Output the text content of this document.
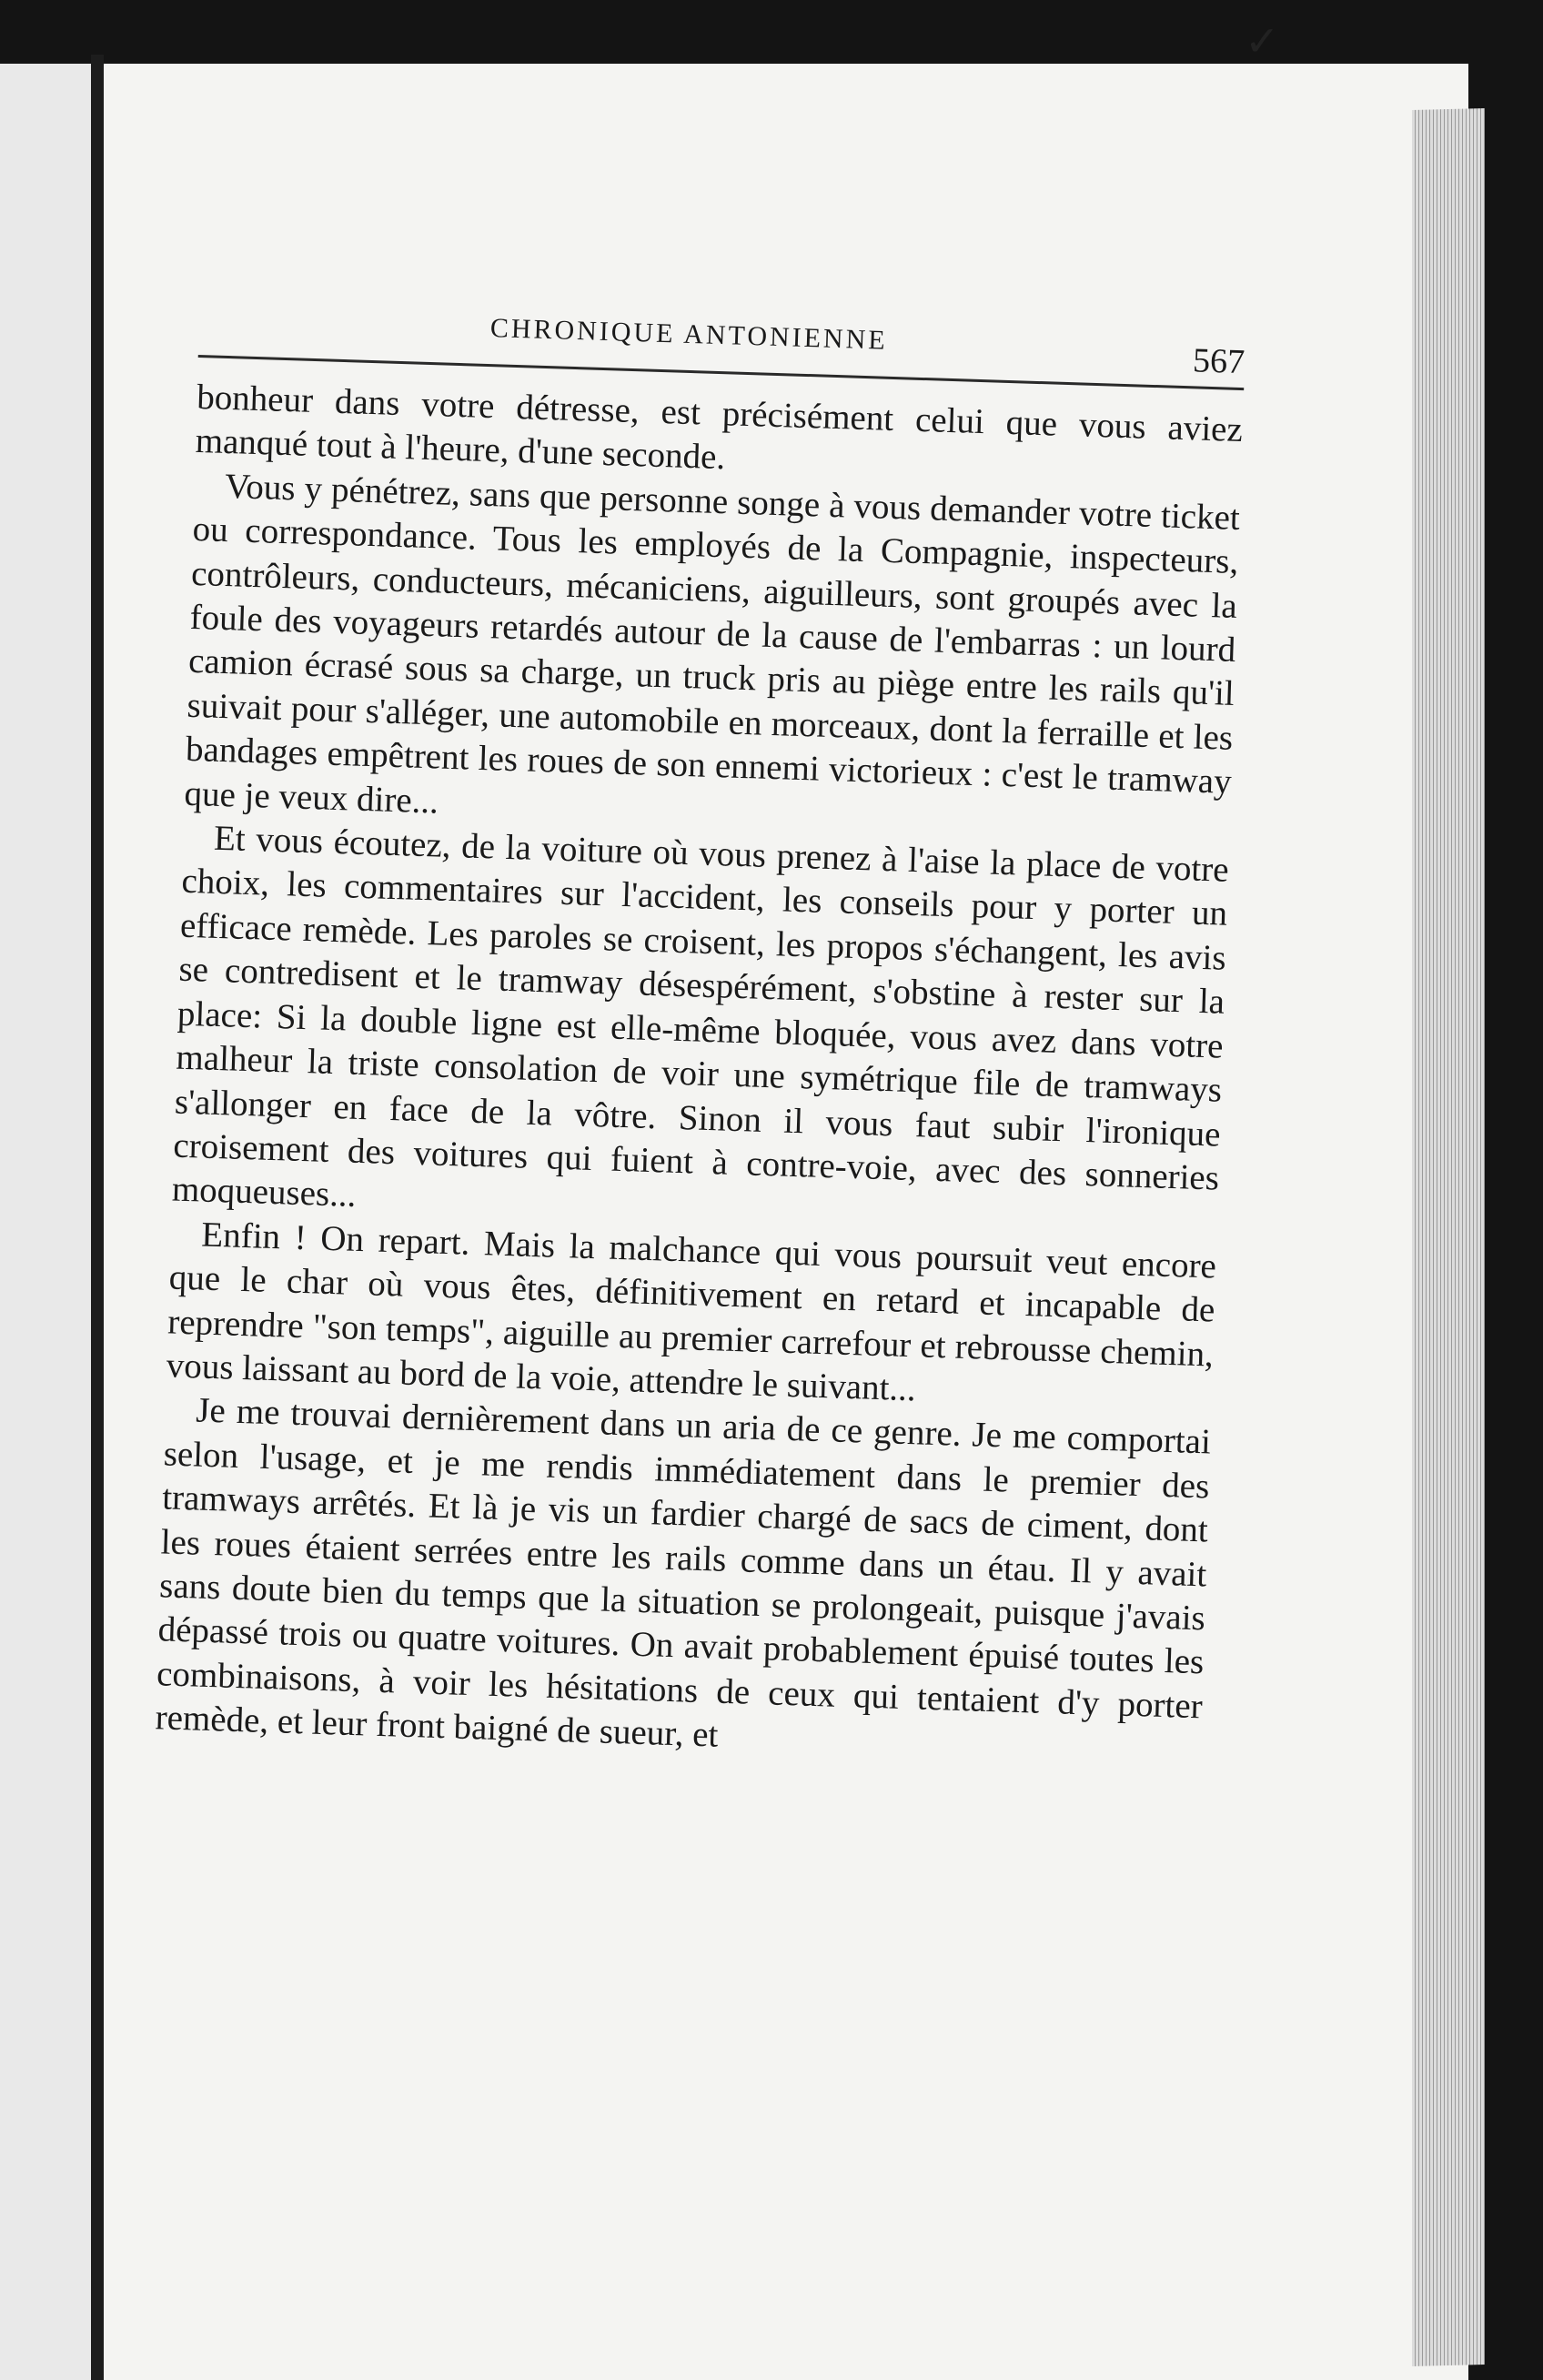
CHRONIQUE ANTONIENNE
567

bonheur dans votre détresse, est précisément celui que vous aviez manqué tout à l'heure, d'une seconde.

Vous y pénétrez, sans que personne songe à vous demander votre ticket ou correspondance. Tous les employés de la Compagnie, inspecteurs, contrôleurs, conducteurs, mécaniciens, aiguilleurs, sont groupés avec la foule des voyageurs retardés autour de la cause de l'embarras : un lourd camion écrasé sous sa charge, un truck pris au piège entre les rails qu'il suivait pour s'alléger, une automobile en morceaux, dont la ferraille et les bandages empêtrent les roues de son ennemi victorieux : c'est le tramway que je veux dire...

Et vous écoutez, de la voiture où vous prenez à l'aise la place de votre choix, les commentaires sur l'accident, les conseils pour y porter un efficace remède. Les paroles se croisent, les propos s'échangent, les avis se contredisent et le tramway désespérément, s'obstine à rester sur la place: Si la double ligne est elle-même bloquée, vous avez dans votre malheur la triste consolation de voir une symétrique file de tramways s'allonger en face de la vôtre. Sinon il vous faut subir l'ironique croisement des voitures qui fuient à contre-voie, avec des sonneries moqueuses...

Enfin ! On repart. Mais la malchance qui vous poursuit veut encore que le char où vous êtes, définitivement en retard et incapable de reprendre "son temps", aiguille au premier carrefour et rebrousse chemin, vous laissant au bord de la voie, attendre le suivant...

Je me trouvai dernièrement dans un aria de ce genre. Je me comportai selon l'usage, et je me rendis immédiatement dans le premier des tramways arrêtés. Et là je vis un fardier chargé de sacs de ciment, dont les roues étaient serrées entre les rails comme dans un étau. Il y avait sans doute bien du temps que la situation se prolongeait, puisque j'avais dépassé trois ou quatre voitures. On avait probablement épuisé toutes les combinaisons, à voir les hésitations de ceux qui tentaient d'y porter remède, et leur front baigné de sueur, et

✓
